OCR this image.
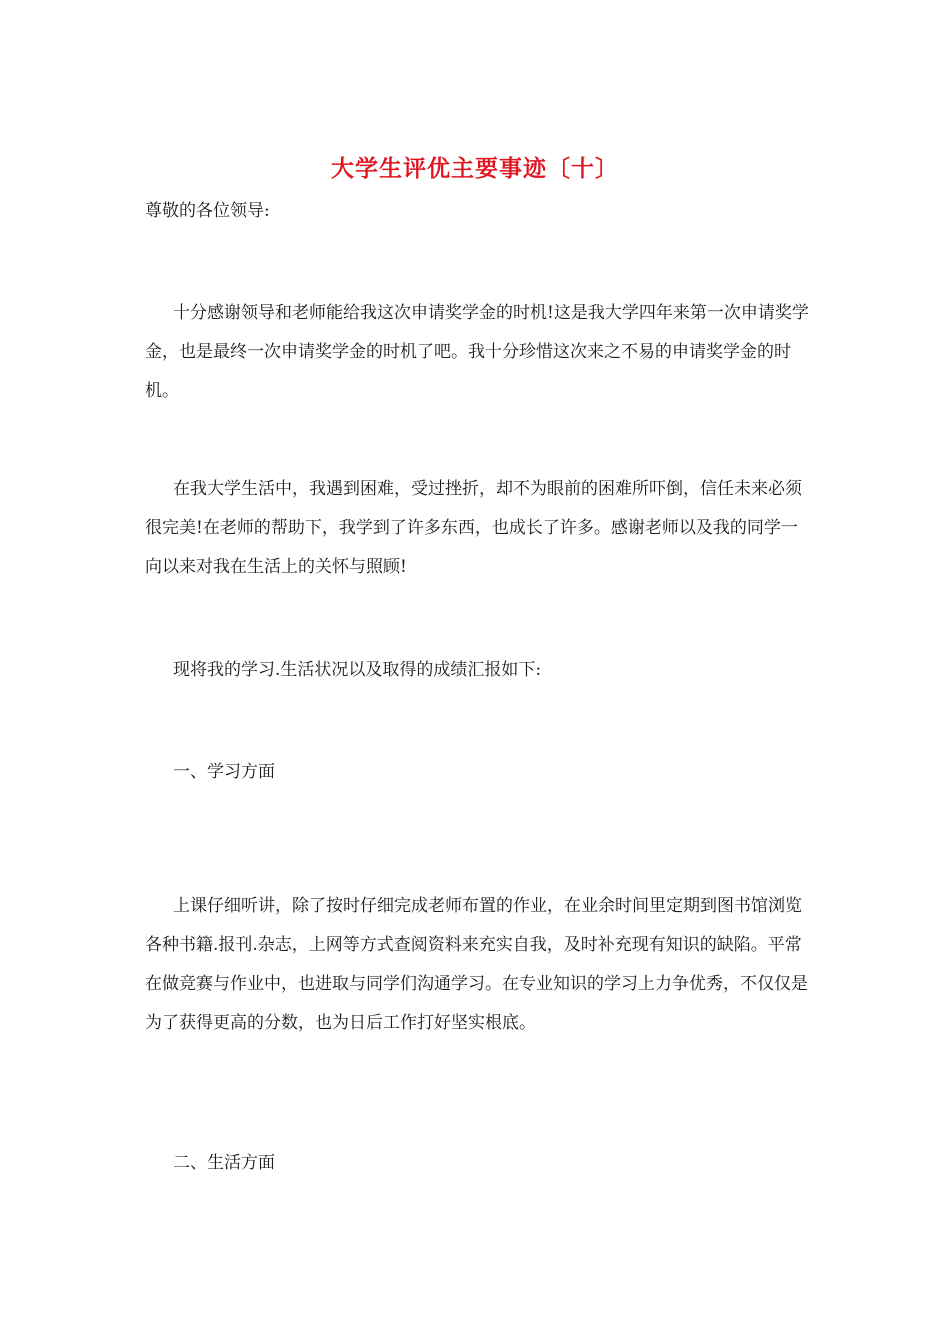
大学生评优主要事迹〔十〕

尊敬的各位领导:

十分感谢领导和老师能给我这次申请奖学金的时机!这是我大学四年来第一次申请奖学金，也是最终一次申请奖学金的时机了吧。我十分珍惜这次来之不易的申请奖学金的时机。

在我大学生活中，我遇到困难，受过挫折，却不为眼前的困难所吓倒，信任未来必须很完美!在老师的帮助下，我学到了许多东西，也成长了许多。感谢老师以及我的同学一向以来对我在生活上的关怀与照顾!

现将我的学习.生活状况以及取得的成绩汇报如下:

一、学习方面

上课仔细听讲，除了按时仔细完成老师布置的作业，在业余时间里定期到图书馆浏览各种书籍.报刊.杂志，上网等方式查阅资料来充实自我，及时补充现有知识的缺陷。平常在做竞赛与作业中，也进取与同学们沟通学习。在专业知识的学习上力争优秀，不仅仅是为了获得更高的分数，也为日后工作打好坚实根底。

二、生活方面
